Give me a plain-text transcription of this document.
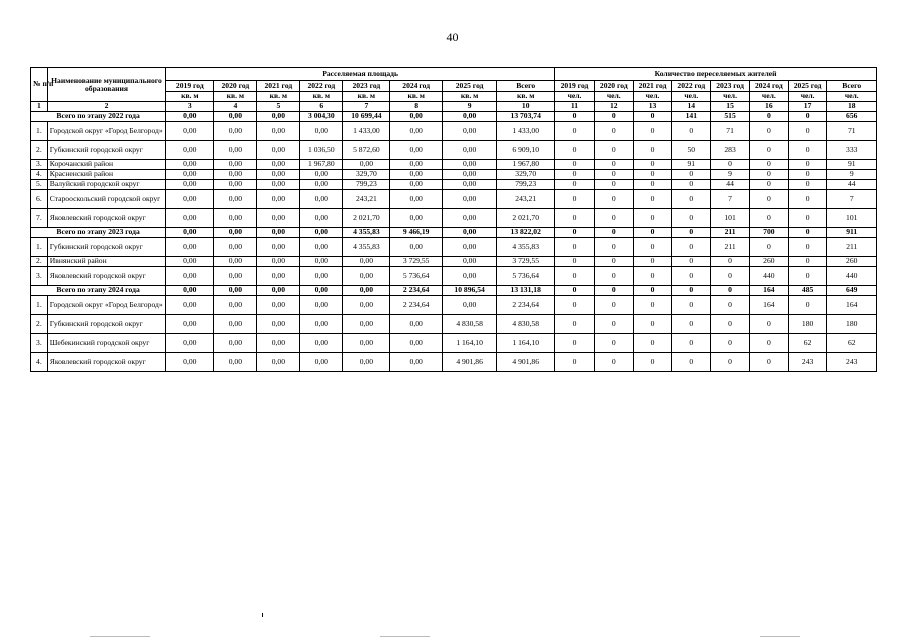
40
№ п/п	Наименование муниципального образования	Расселяемая площадь								Количество переселяемых жителей							
		2019 год	2020 год	2021 год	2022 год	2023 год	2024 год	2025 год	Всего	2019 год	2020 год	2021 год	2022 год	2023 год	2024 год	2025 год	Всего
		кв. м	кв. м	кв. м	кв. м	кв. м	кв. м	кв. м	кв. м	чел.	чел.	чел.	чел.	чел.	чел.	чел.	чел.
1	2	3	4	5	6	7	8	9	10	11	12	13	14	15	16	17	18
Всего по этапу 2022 года		0,00	0,00	0,00	3 004,30	10 699,44	0,00	0,00	13 703,74	0	0	0	141	515	0	0	656
1.	Городской округ «Город Белгород»	0,00	0,00	0,00	0,00	1 433,00	0,00	0,00	1 433,00	0	0	0	0	71	0	0	71
2.	Губкинский городской округ	0,00	0,00	0,00	1 036,50	5 872,60	0,00	0,00	6 909,10	0	0	0	50	283	0	0	333
3.	Корочанский район	0,00	0,00	0,00	1 967,80	0,00	0,00	0,00	1 967,80	0	0	0	91	0	0	0	91
4.	Красненский район	0,00	0,00	0,00	0,00	329,70	0,00	0,00	329,70	0	0	0	0	9	0	0	9
5.	Валуйский городской округ	0,00	0,00	0,00	0,00	799,23	0,00	0,00	799,23	0	0	0	0	44	0	0	44
6.	Старооскольский городской округ	0,00	0,00	0,00	0,00	243,21	0,00	0,00	243,21	0	0	0	0	7	0	0	7
7.	Яковлевский городской округ	0,00	0,00	0,00	0,00	2 021,70	0,00	0,00	2 021,70	0	0	0	0	101	0	0	101
Всего по этапу 2023 года		0,00	0,00	0,00	0,00	4 355,83	9 466,19	0,00	13 822,02	0	0	0	0	211	700	0	911
1.	Губкинский городской округ	0,00	0,00	0,00	0,00	4 355,83	0,00	0,00	4 355,83	0	0	0	0	211	0	0	211
2.	Ивнянский район	0,00	0,00	0,00	0,00	0,00	3 729,55	0,00	3 729,55	0	0	0	0	0	260	0	260
3.	Яковлевский городской округ	0,00	0,00	0,00	0,00	0,00	5 736,64	0,00	5 736,64	0	0	0	0	0	440	0	440
Всего по этапу 2024 года		0,00	0,00	0,00	0,00	0,00	2 234,64	10 896,54	13 131,18	0	0	0	0	0	164	485	649
1.	Городской округ «Город Белгород»	0,00	0,00	0,00	0,00	0,00	2 234,64	0,00	2 234,64	0	0	0	0	0	164	0	164
2.	Губкинский городской округ	0,00	0,00	0,00	0,00	0,00	0,00	4 830,58	4 830,58	0	0	0	0	0	0	180	180
3.	Шебекинский городской округ	0,00	0,00	0,00	0,00	0,00	0,00	1 164,10	1 164,10	0	0	0	0	0	0	62	62
4.	Яковлевский городской округ	0,00	0,00	0,00	0,00	0,00	0,00	4 901,86	4 901,86	0	0	0	0	0	0	243	243
